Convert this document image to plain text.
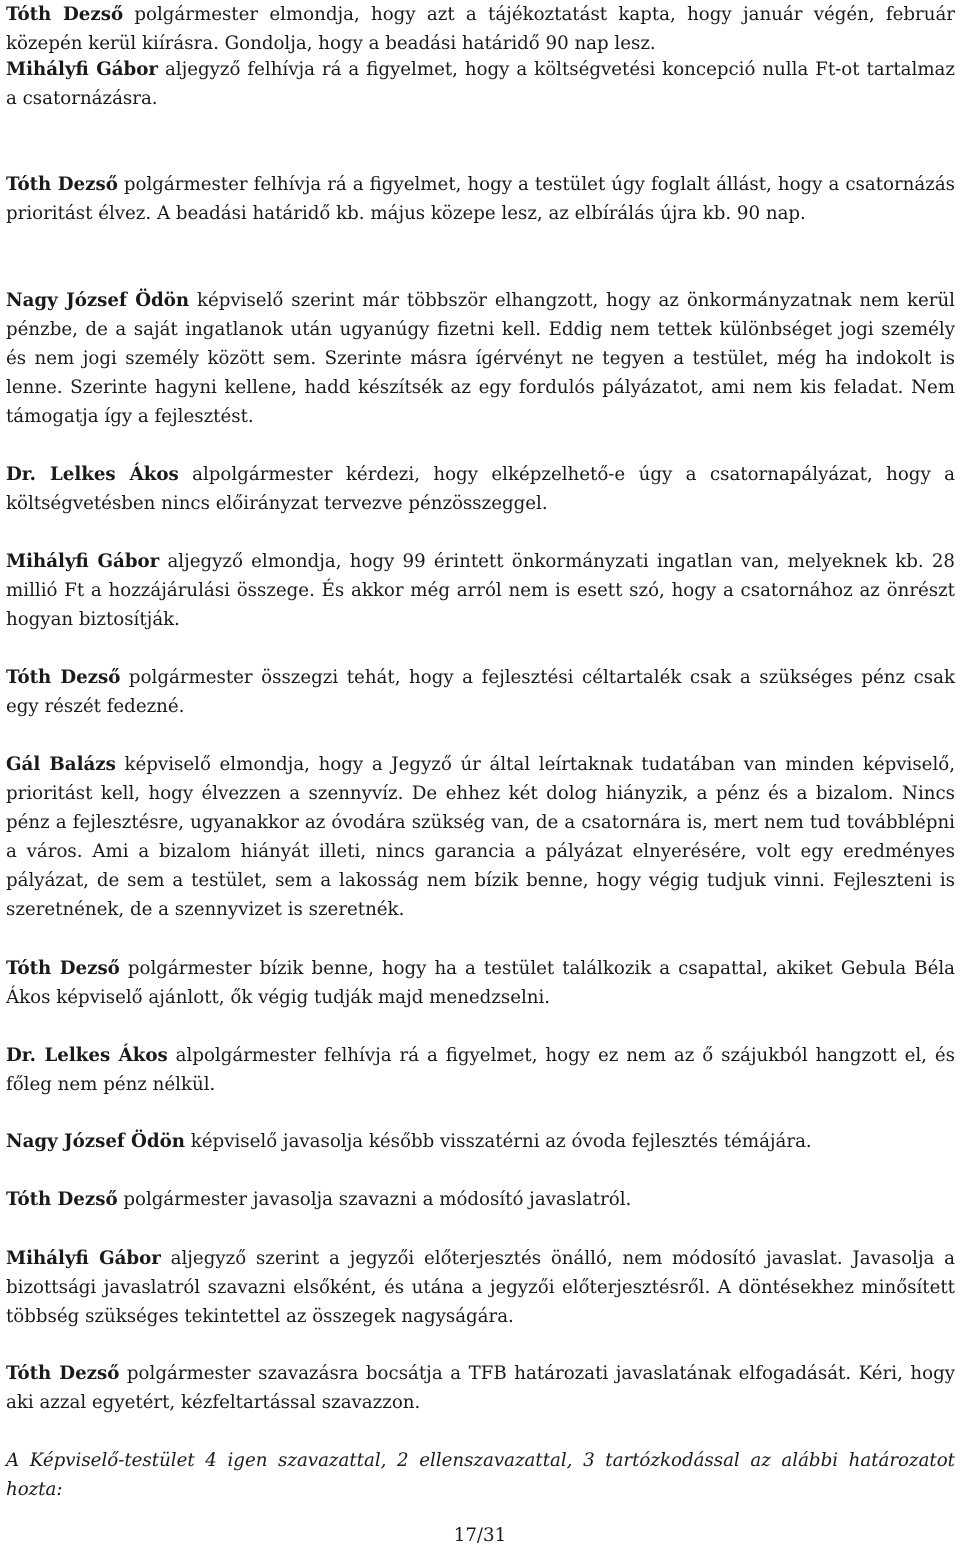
Tóth Dezső polgármester elmondja, hogy azt a tájékoztatást kapta, hogy január végén, február közepén kerül kiírásra. Gondolja, hogy a beadási határidő 90 nap lesz.

Mihályfi Gábor aljegyző felhívja rá a figyelmet, hogy a költségvetési koncepció nulla Ft-ot tartalmaz a csatornázásra.

Tóth Dezső polgármester felhívja rá a figyelmet, hogy a testület úgy foglalt állást, hogy a csatornázás prioritást élvez. A beadási határidő kb. május közepe lesz, az elbírálás újra kb. 90 nap.

Nagy József Ödön képviselő szerint már többször elhangzott, hogy az önkormányzatnak nem kerül pénzbe, de a saját ingatlanok után ugyanúgy fizetni kell. Eddig nem tettek különbséget jogi személy és nem jogi személy között sem. Szerinte másra ígérvényt ne tegyen a testület, még ha indokolt is lenne. Szerinte hagyni kellene, hadd készítsék az egy fordulós pályázatot, ami nem kis feladat. Nem támogatja így a fejlesztést.

Dr. Lelkes Ákos alpolgármester kérdezi, hogy elképzelhető-e úgy a csatornapályázat, hogy a költségvetésben nincs előirányzat tervezve pénzösszeggel.

Mihályfi Gábor aljegyző elmondja, hogy 99 érintett önkormányzati ingatlan van, melyeknek kb. 28 millió Ft a hozzájárulási összege. És akkor még arról nem is esett szó, hogy a csatornához az önrészt hogyan biztosítják.

Tóth Dezső polgármester összegzi tehát, hogy a fejlesztési céltartalék csak a szükséges pénz csak egy részét fedezné.

Gál Balázs képviselő elmondja, hogy a Jegyző úr által leírtaknak tudatában van minden képviselő, prioritást kell, hogy élvezzen a szennyvíz. De ehhez két dolog hiányzik, a pénz és a bizalom. Nincs pénz a fejlesztésre, ugyanakkor az óvodára szükség van, de a csatornára is, mert nem tud továbblépni a város. Ami a bizalom hiányát illeti, nincs garancia a pályázat elnyerésére, volt egy eredményes pályázat, de sem a testület, sem a lakosság nem bízik benne, hogy végig tudjuk vinni. Fejleszteni is szeretnének, de a szennyvizet is szeretnék.

Tóth Dezső polgármester bízik benne, hogy ha a testület találkozik a csapattal, akiket Gebula Béla Ákos képviselő ajánlott, ők végig tudják majd menedzselni.

Dr. Lelkes Ákos alpolgármester felhívja rá a figyelmet, hogy ez nem az ő szájukból hangzott el, és főleg nem pénz nélkül.

Nagy József Ödön képviselő javasolja később visszatérni az óvoda fejlesztés témájára.

Tóth Dezső polgármester javasolja szavazni a módosító javaslatról.

Mihályfi Gábor aljegyző szerint a jegyzői előterjesztés önálló, nem módosító javaslat. Javasolja a bizottsági javaslatról szavazni elsőként, és utána a jegyzői előterjesztésről. A döntésekhez minősített többség szükséges tekintettel az összegek nagyságára.

Tóth Dezső polgármester szavazásra bocsátja a TFB határozati javaslatának elfogadását. Kéri, hogy aki azzal egyetért, kézfeltartással szavazzon.

A Képviselő-testület 4 igen szavazattal, 2 ellenszavazattal, 3 tartózkodással az alábbi határozatot hozta:

17/31
